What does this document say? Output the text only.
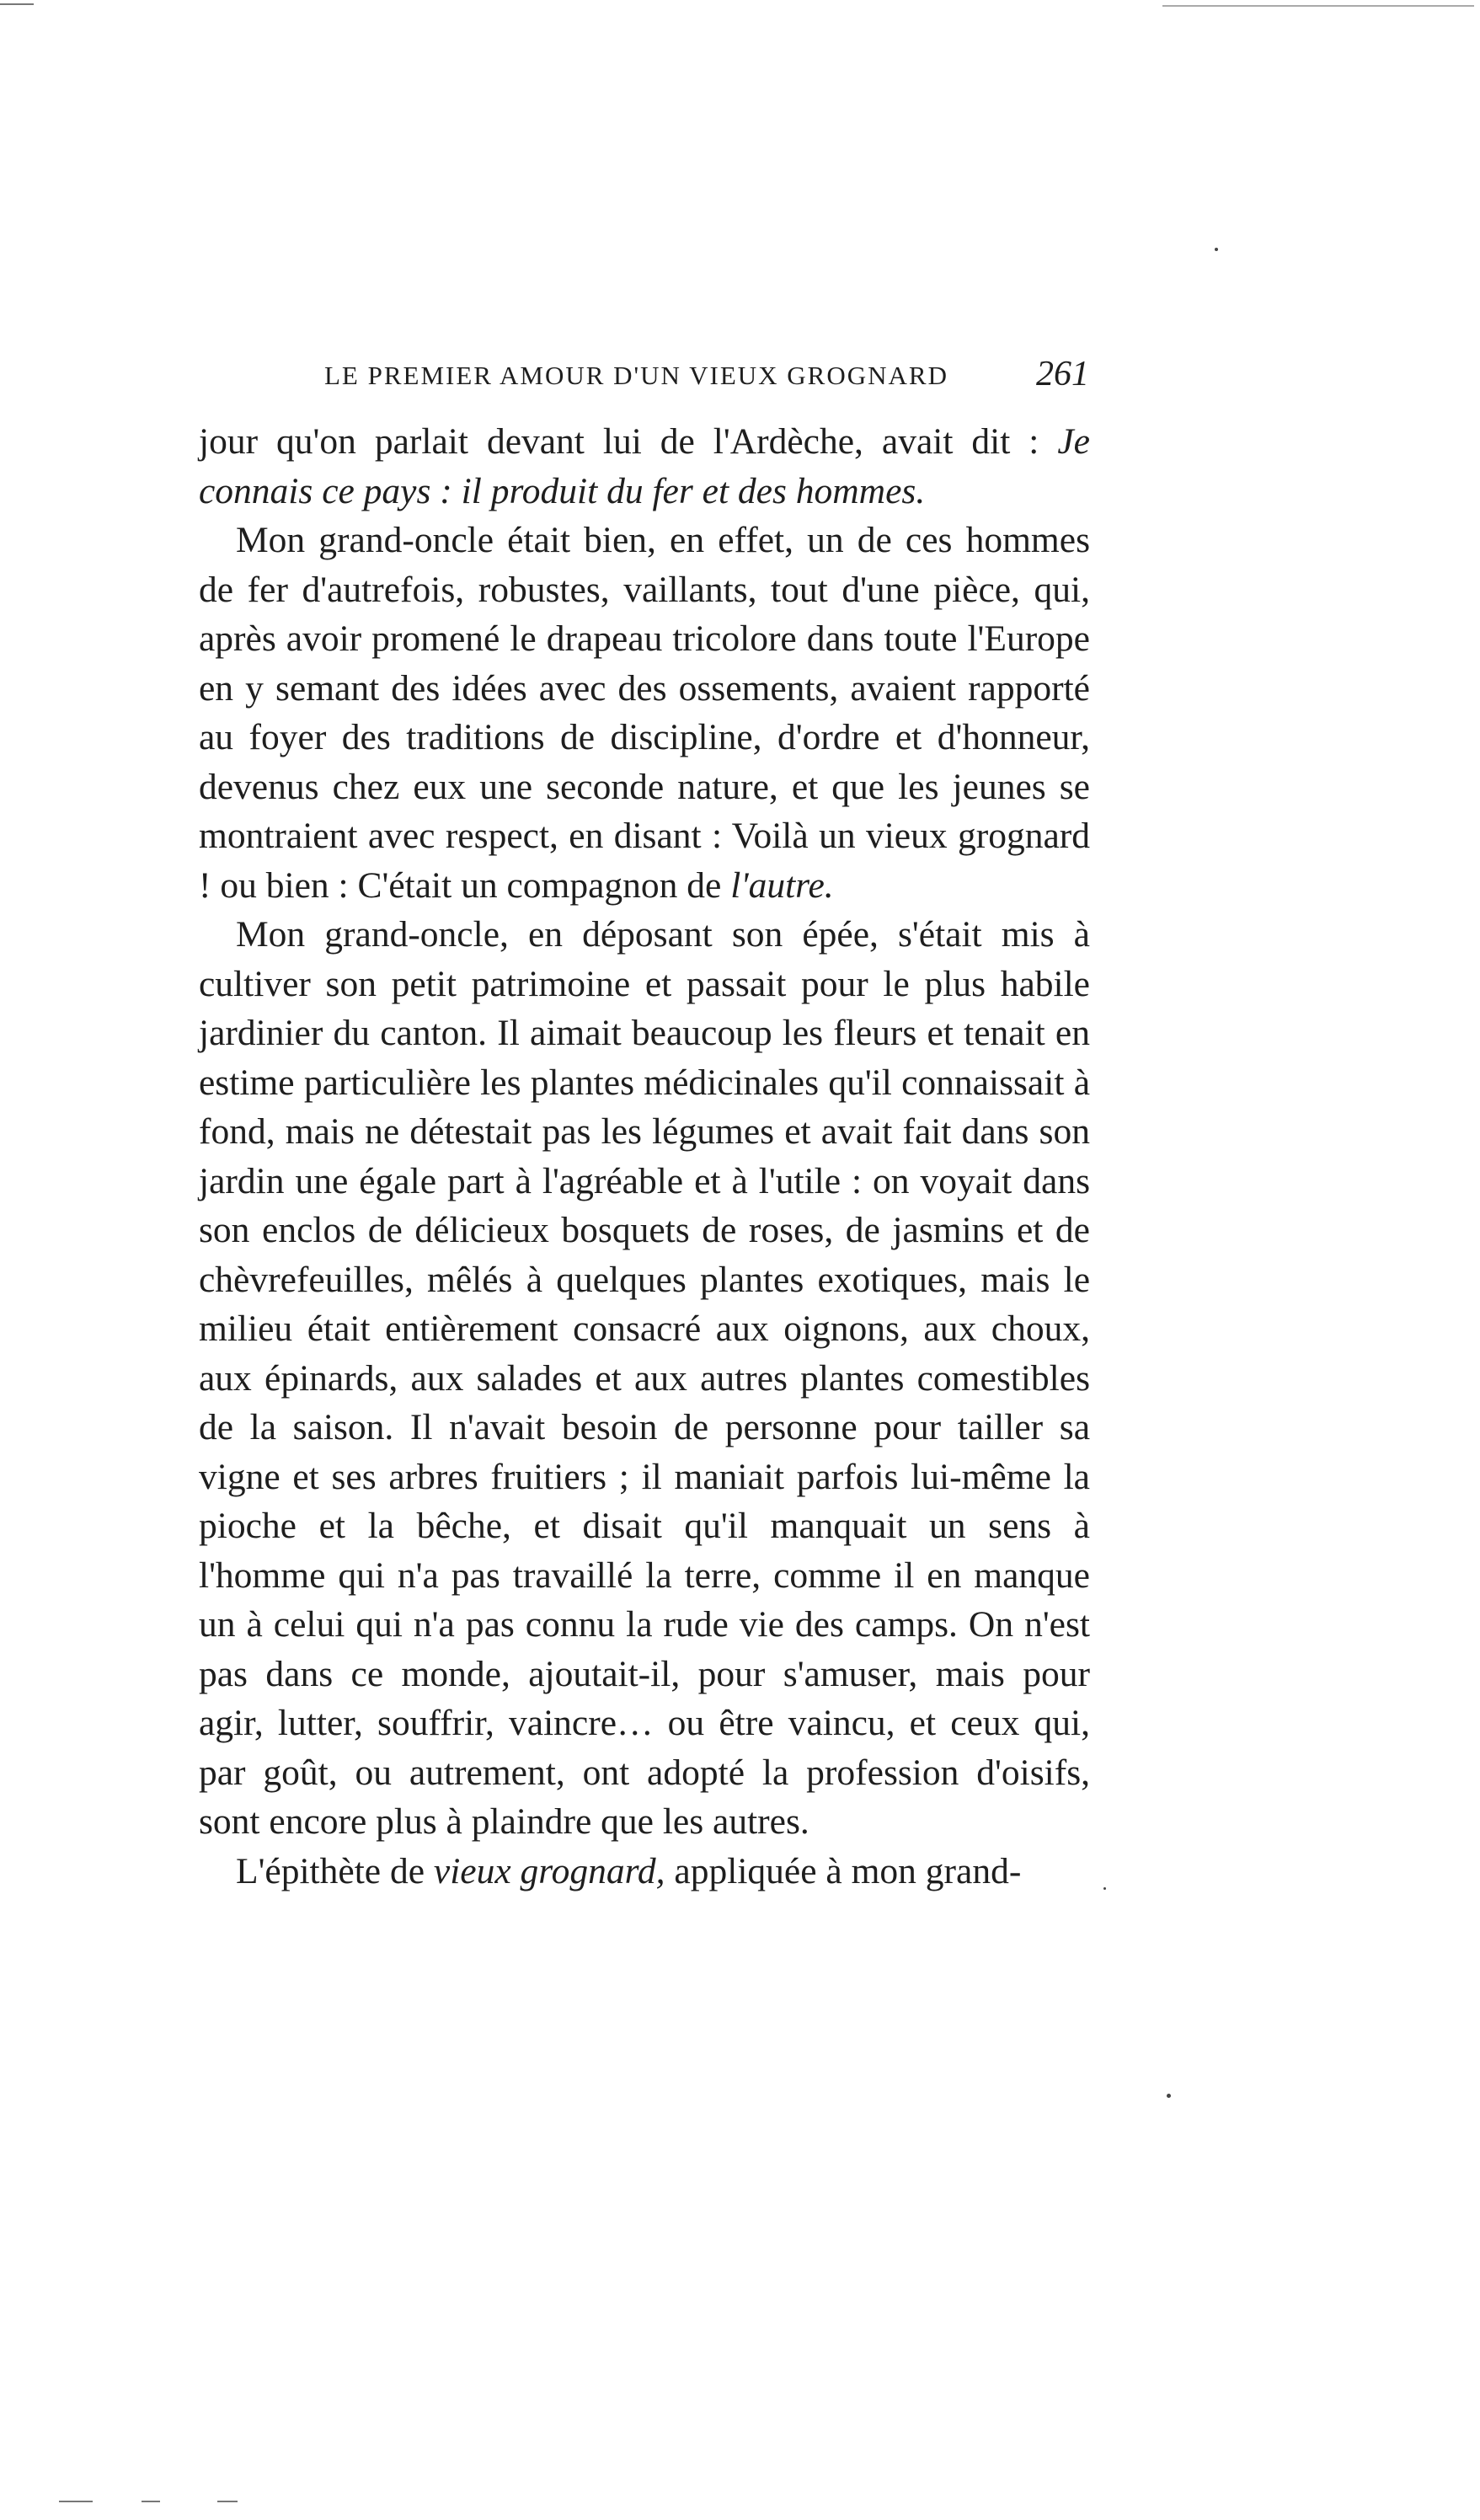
LE PREMIER AMOUR D'UN VIEUX GROGNARD 261

jour qu'on parlait devant lui de l'Ardèche, avait dit : Je connais ce pays : il produit du fer et des hommes.

Mon grand-oncle était bien, en effet, un de ces hommes de fer d'autrefois, robustes, vaillants, tout d'une pièce, qui, après avoir promené le drapeau tricolore dans toute l'Europe en y semant des idées avec des ossements, avaient rapporté au foyer des traditions de discipline, d'ordre et d'honneur, devenus chez eux une seconde nature, et que les jeunes se montraient avec respect, en disant : Voilà un vieux grognard ! ou bien : C'était un compagnon de l'autre.

Mon grand-oncle, en déposant son épée, s'était mis à cultiver son petit patrimoine et passait pour le plus habile jardinier du canton. Il aimait beaucoup les fleurs et tenait en estime particulière les plantes médicinales qu'il connaissait à fond, mais ne détestait pas les légumes et avait fait dans son jardin une égale part à l'agréable et à l'utile : on voyait dans son enclos de délicieux bosquets de roses, de jasmins et de chèvrefeuilles, mêlés à quelques plantes exotiques, mais le milieu était entièrement consacré aux oignons, aux choux, aux épinards, aux salades et aux autres plantes comestibles de la saison. Il n'avait besoin de personne pour tailler sa vigne et ses arbres fruitiers ; il maniait parfois lui-même la pioche et la bêche, et disait qu'il manquait un sens à l'homme qui n'a pas travaillé la terre, comme il en manque un à celui qui n'a pas connu la rude vie des camps. On n'est pas dans ce monde, ajoutait-il, pour s'amuser, mais pour agir, lutter, souffrir, vaincre… ou être vaincu, et ceux qui, par goût, ou autrement, ont adopté la profession d'oisifs, sont encore plus à plaindre que les autres.

L'épithète de vieux grognard, appliquée à mon grand-
